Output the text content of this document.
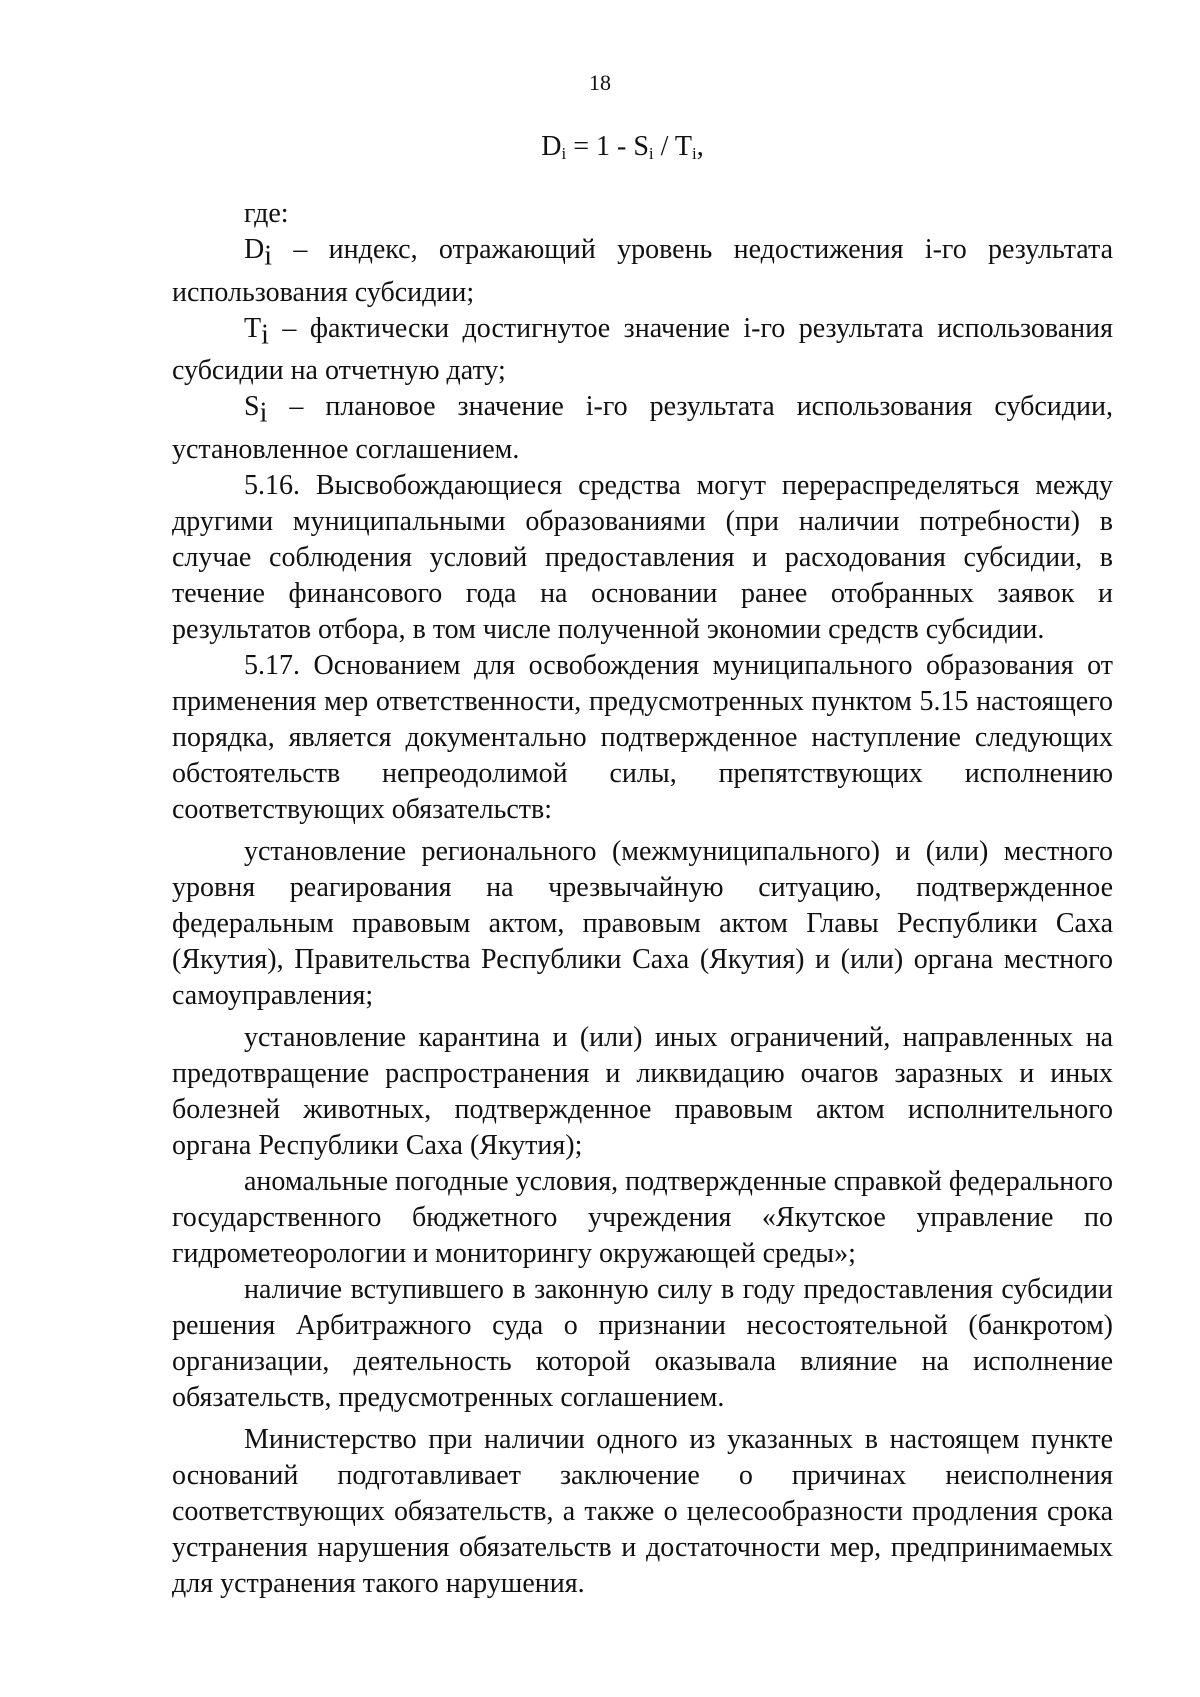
18
$D_i = 1 - S_i / T_i$,

где:

$D_i$ – индекс, отражающий уровень недостижения i-го результата использования субсидии;

$T_i$ – фактически достигнутое значение i-го результата использования субсидии на отчетную дату;

$S_i$ – плановое значение i-го результата использования субсидии, установленное соглашением.

5.16. Высвобождающиеся средства могут перераспределяться между другими муниципальными образованиями (при наличии потребности) в случае соблюдения условий предоставления и расходования субсидии, в течение финансового года на основании ранее отобранных заявок и результатов отбора, в том числе полученной экономии средств субсидии.

5.17. Основанием для освобождения муниципального образования от применения мер ответственности, предусмотренных пунктом 5.15 настоящего порядка, является документально подтвержденное наступление следующих обстоятельств непреодолимой силы, препятствующих исполнению соответствующих обязательств:

установление регионального (межмуниципального) и (или) местного уровня реагирования на чрезвычайную ситуацию, подтвержденное федеральным правовым актом, правовым актом Главы Республики Саха (Якутия), Правительства Республики Саха (Якутия) и (или) органа местного самоуправления;

установление карантина и (или) иных ограничений, направленных на предотвращение распространения и ликвидацию очагов заразных и иных болезней животных, подтвержденное правовым актом исполнительного органа Республики Саха (Якутия);

аномальные погодные условия, подтвержденные справкой федерального государственного бюджетного учреждения «Якутское управление по гидрометеорологии и мониторингу окружающей среды»;

наличие вступившего в законную силу в году предоставления субсидии решения Арбитражного суда о признании несостоятельной (банкротом) организации, деятельность которой оказывала влияние на исполнение обязательств, предусмотренных соглашением.

Министерство при наличии одного из указанных в настоящем пункте оснований подготавливает заключение о причинах неисполнения соответствующих обязательств, а также о целесообразности продления срока устранения нарушения обязательств и достаточности мер, предпринимаемых для устранения такого нарушения.
